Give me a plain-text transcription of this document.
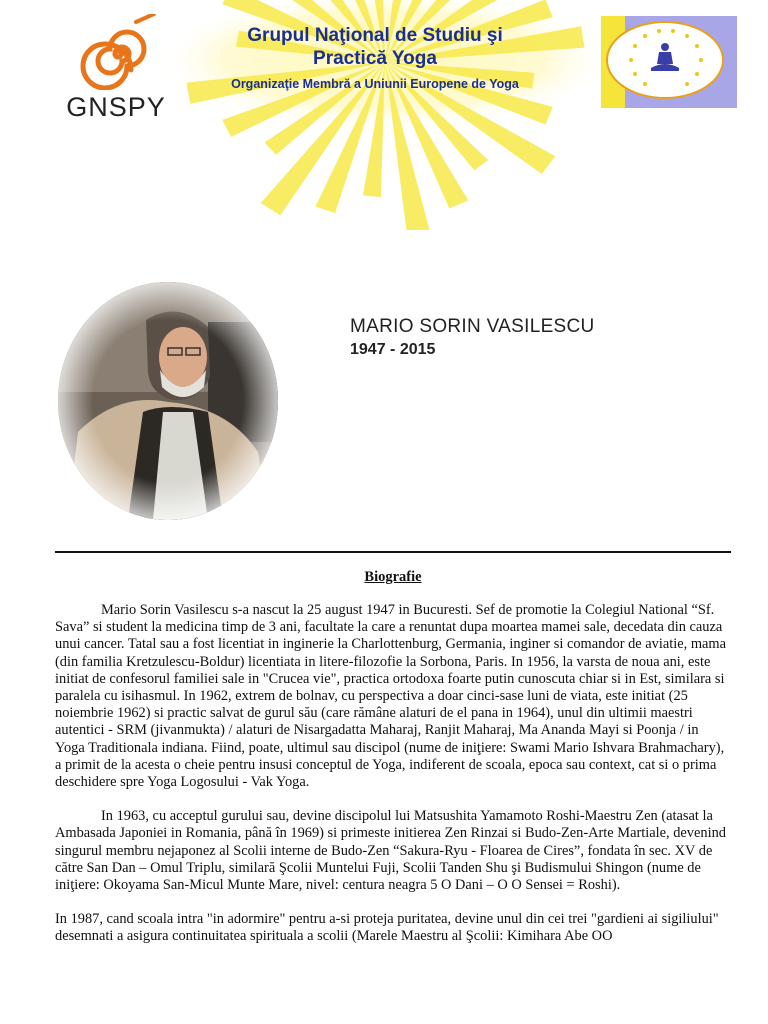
GNSPY
Grupul Naţional de Studiu şi
Practică Yoga
Organizaţie Membră a Uniunii Europene de Yoga
MARIO SORIN VASILESCU
1947 - 2015
Biografie

Mario Sorin Vasilescu s-a nascut la 25 august 1947 in Bucuresti. Sef de promotie la Colegiul National “Sf. Sava” si student la medicina timp de 3 ani, facultate la care a renuntat dupa moartea mamei sale, decedata din cauza unui cancer. Tatal sau a fost licentiat in inginerie la Charlottenburg, Germania, inginer si comandor de aviatie, mama (din familia Kretzulescu-Boldur) licentiata in litere-filozofie la Sorbona, Paris. In 1956, la varsta de noua ani, este initiat de confesorul familiei sale in "Crucea vie", practica ortodoxa foarte putin cunoscuta chiar si in Est, similara si paralela cu isihasmul. In 1962, extrem de bolnav, cu perspectiva a doar cinci-sase luni de viata, este initiat (25 noiembrie 1962) si practic salvat de gurul său (care rămâne alaturi de el pana in 1964), unul din ultimii maestri autentici - SRM (jivanmukta) / alaturi de Nisargadatta Maharaj, Ranjit Maharaj, Ma Ananda Mayi si Poonja / in Yoga Traditionala indiana. Fiind, poate, ultimul sau discipol (nume de iniţiere: Swami Mario Ishvara Brahmachary), a primit de la acesta o cheie pentru insusi conceptul de Yoga, indiferent de scoala, epoca sau context, cat si o prima deschidere spre Yoga Logosului - Vak Yoga.

In 1963, cu acceptul gurului sau, devine discipolul lui Matsushita Yamamoto Roshi-Maestru Zen (atasat la Ambasada Japoniei in Romania, până în 1969) si primeste initierea Zen Rinzai si Budo-Zen-Arte Martiale, devenind singurul membru nejaponez al Scolii interne de Budo-Zen “Sakura-Ryu - Floarea de Cires”, fondata în sec. XV de către San Dan – Omul Triplu, similară Şcolii Muntelui Fuji, Scolii Tanden Shu şi Budismului Shingon (nume de iniţiere: Okoyama San-Micul Munte Mare, nivel: centura neagra 5 O Dani – O O Sensei = Roshi).

In 1987, cand scoala intra "in adormire" pentru a-si proteja puritatea, devine unul din cei trei "gardieni ai sigiliului" desemnati a asigura continuitatea spirituala a scolii (Marele Maestru al Şcolii: Kimihara Abe OO
